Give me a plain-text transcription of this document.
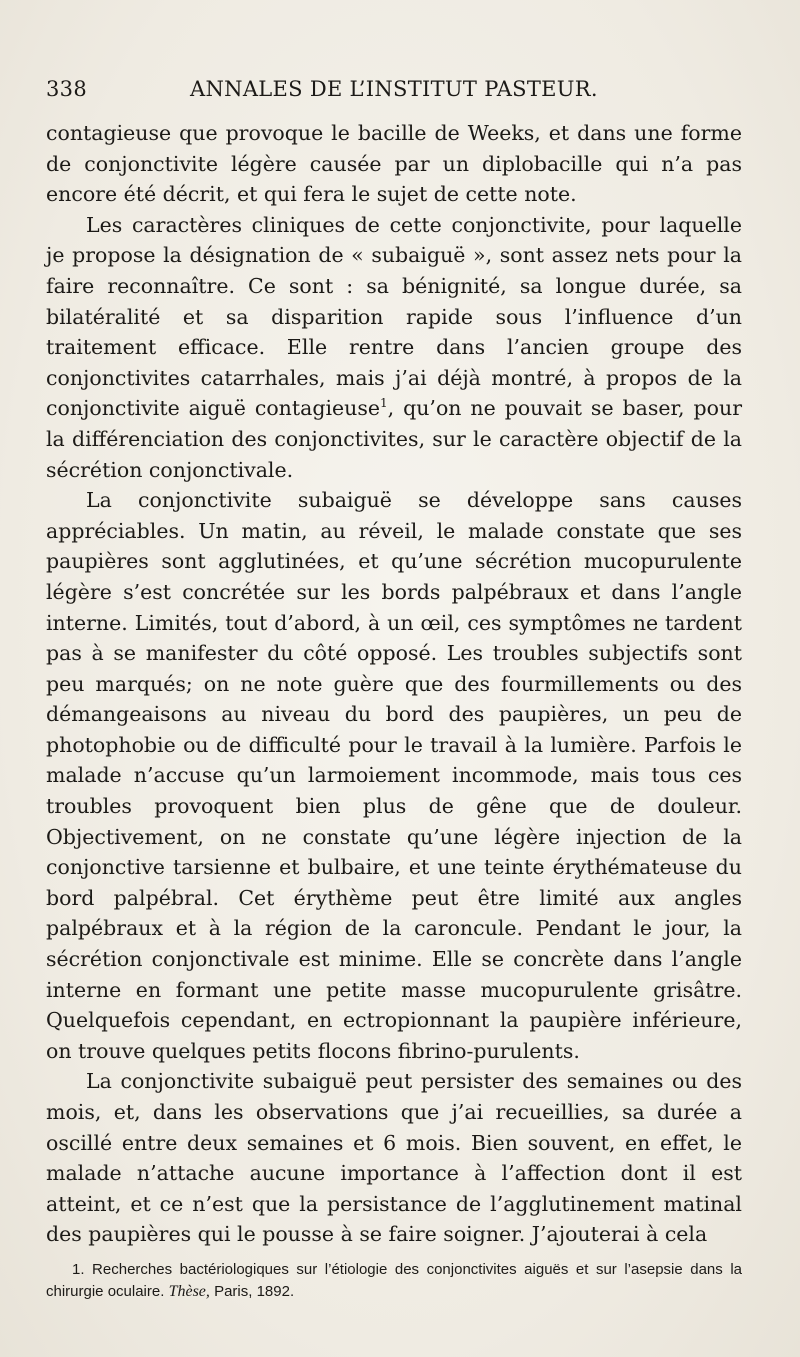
338	ANNALES DE L’INSTITUT PASTEUR.

contagieuse que provoque le bacille de Weeks, et dans une forme de conjonctivite légère causée par un diplobacille qui n’a pas encore été décrit, et qui fera le sujet de cette note.

Les caractères cliniques de cette conjonctivite, pour laquelle je propose la désignation de « subaiguë », sont assez nets pour la faire reconnaître. Ce sont : sa bénignité, sa longue durée, sa bilatéralité et sa disparition rapide sous l’influence d’un traitement efficace. Elle rentre dans l’ancien groupe des conjonctivites catarrhales, mais j’ai déjà montré, à propos de la conjonctivite aiguë contagieuse$^1$, qu’on ne pouvait se baser, pour la différenciation des conjonctivites, sur le caractère objectif de la sécrétion conjonctivale.

La conjonctivite subaiguë se développe sans causes appréciables. Un matin, au réveil, le malade constate que ses paupières sont agglutinées, et qu’une sécrétion mucopurulente légère s’est concrétée sur les bords palpébraux et dans l’angle interne. Limités, tout d’abord, à un œil, ces symptômes ne tardent pas à se manifester du côté opposé. Les troubles subjectifs sont peu marqués; on ne note guère que des fourmillements ou des démangeaisons au niveau du bord des paupières, un peu de photophobie ou de difficulté pour le travail à la lumière. Parfois le malade n’accuse qu’un larmoiement incommode, mais tous ces troubles provoquent bien plus de gêne que de douleur. Objectivement, on ne constate qu’une légère injection de la conjonctive tarsienne et bulbaire, et une teinte érythémateuse du bord palpébral. Cet érythème peut être limité aux angles palpébraux et à la région de la caroncule. Pendant le jour, la sécrétion conjonctivale est minime. Elle se concrète dans l’angle interne en formant une petite masse mucopurulente grisâtre. Quelquefois cependant, en ectropionnant la paupière inférieure, on trouve quelques petits flocons fibrino-purulents.

La conjonctivite subaiguë peut persister des semaines ou des mois, et, dans les observations que j’ai recueillies, sa durée a oscillé entre deux semaines et 6 mois. Bien souvent, en effet, le malade n’attache aucune importance à l’affection dont il est atteint, et ce n’est que la persistance de l’agglutinement matinal des paupières qui le pousse à se faire soigner. J’ajouterai à cela

1. Recherches bactériologiques sur l’étiologie des conjonctivites aiguës et sur l’asepsie dans la chirurgie oculaire. Thèse, Paris, 1892.
